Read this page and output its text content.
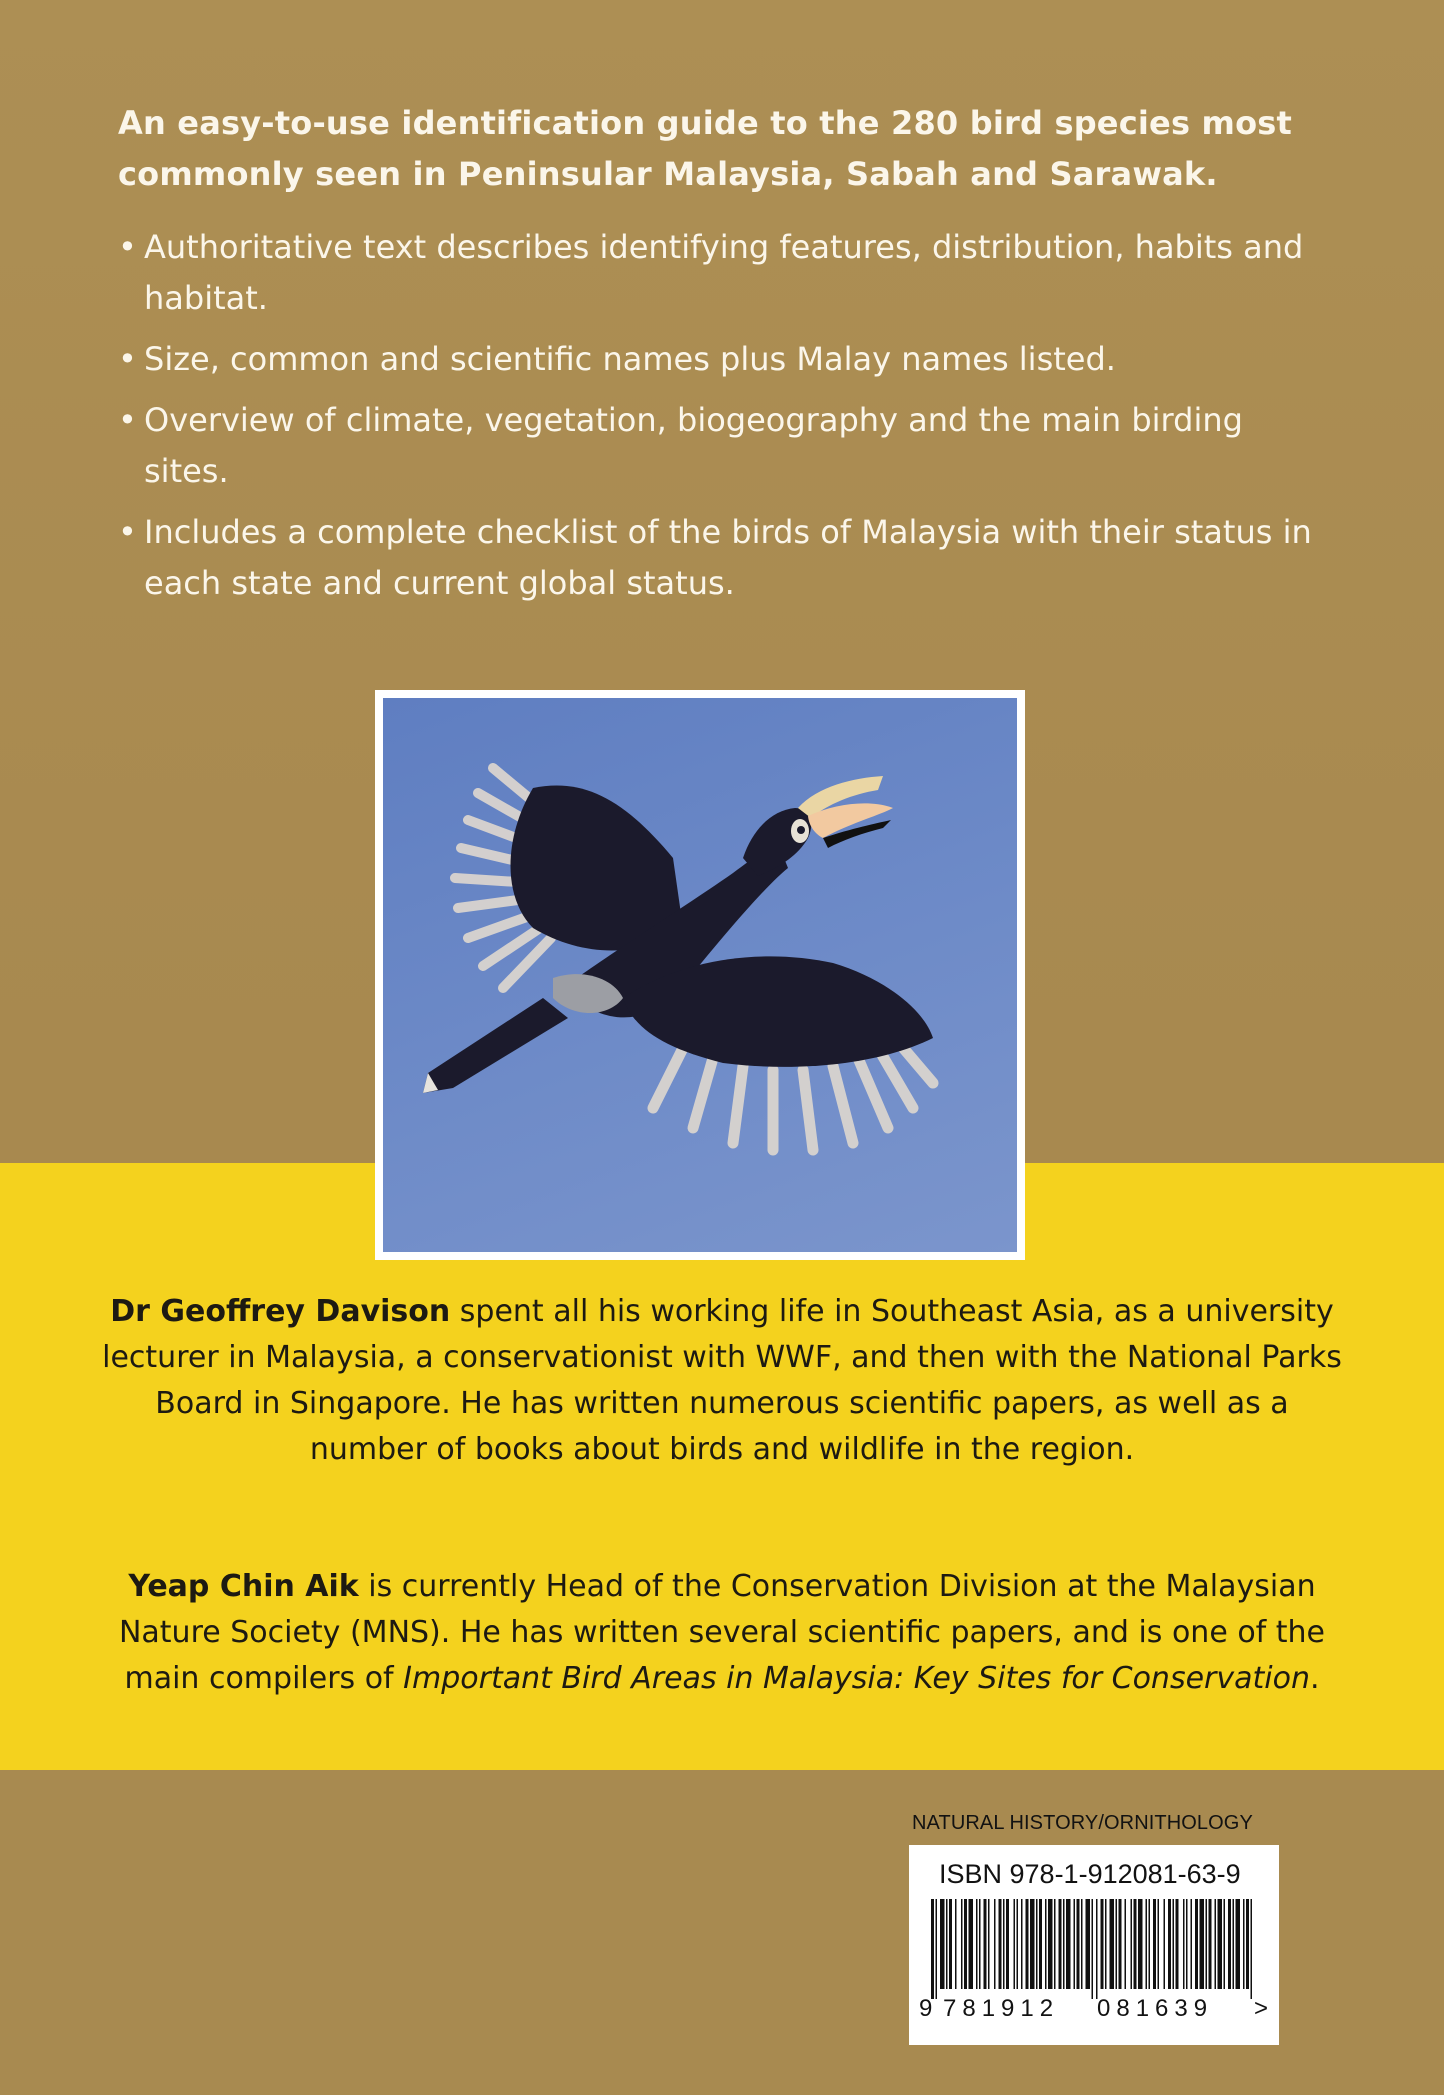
An easy-to-use identification guide to the 280 bird species most commonly seen in Peninsular Malaysia, Sabah and Sarawak.

• Authoritative text describes identifying features, distribution, habits and habitat.
• Size, common and scientific names plus Malay names listed.
• Overview of climate, vegetation, biogeography and the main birding sites.
• Includes a complete checklist of the birds of Malaysia with their status in each state and current global status.
Dr Geoffrey Davison spent all his working life in Southeast Asia, as a university lecturer in Malaysia, a conservationist with WWF, and then with the National Parks Board in Singapore. He has written numerous scientific papers, as well as a number of books about birds and wildlife in the region.
Yeap Chin Aik is currently Head of the Conservation Division at the Malaysian Nature Society (MNS). He has written several scientific papers, and is one of the main compilers of Important Bird Areas in Malaysia: Key Sites for Conservation.
NATURAL HISTORY/ORNITHOLOGY
ISBN 978-1-912081-63-9
9 781912 081639 >
